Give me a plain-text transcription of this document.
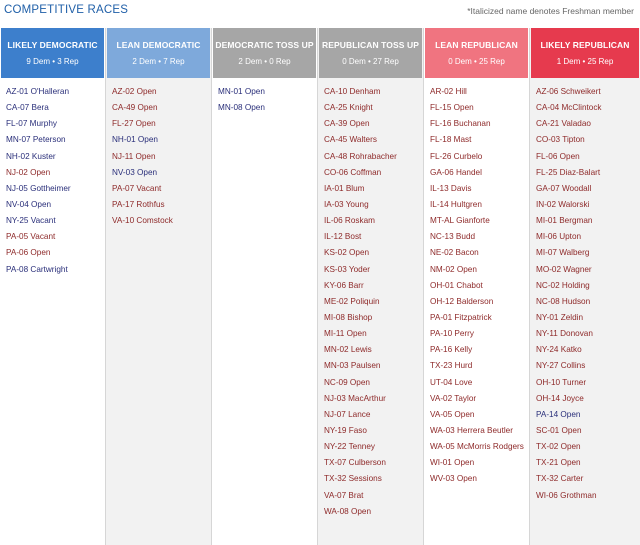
COMPETITIVE RACES	*Italicized name denotes Freshman member
LIKELY DEMOCRATIC
9 Dem • 3 Rep
AZ-01 O'Halleran
CA-07 Bera
FL-07 Murphy
MN-07 Peterson
NH-02 Kuster
NJ-02 Open
NJ-05 Gottheimer
NV-04 Open
NY-25 Vacant
PA-05 Vacant
PA-06 Open
PA-08 Cartwright
LEAN DEMOCRATIC
2 Dem • 7 Rep
AZ-02 Open
CA-49 Open
FL-27 Open
NH-01 Open
NJ-11 Open
NV-03 Open
PA-07 Vacant
PA-17 Rothfus
VA-10 Comstock
DEMOCRATIC TOSS UP
2 Dem • 0 Rep
MN-01 Open
MN-08 Open
REPUBLICAN TOSS UP
0 Dem • 27 Rep
CA-10 Denham
CA-25 Knight
CA-39 Open
CA-45 Walters
CA-48 Rohrabacher
CO-06 Coffman
IA-01 Blum
IA-03 Young
IL-06 Roskam
IL-12 Bost
KS-02 Open
KS-03 Yoder
KY-06 Barr
ME-02 Poliquin
MI-08 Bishop
MI-11 Open
MN-02 Lewis
MN-03 Paulsen
NC-09 Open
NJ-03 MacArthur
NJ-07 Lance
NY-19 Faso
NY-22 Tenney
TX-07 Culberson
TX-32 Sessions
VA-07 Brat
WA-08 Open
LEAN REPUBLICAN
0 Dem • 25 Rep
AR-02 Hill
FL-15 Open
FL-16 Buchanan
FL-18 Mast
FL-26 Curbelo
GA-06 Handel
IL-13 Davis
IL-14 Hultgren
MT-AL Gianforte
NC-13 Budd
NE-02 Bacon
NM-02 Open
OH-01 Chabot
OH-12 Balderson
PA-01 Fitzpatrick
PA-10 Perry
PA-16 Kelly
TX-23 Hurd
UT-04 Love
VA-02 Taylor
VA-05 Open
WA-03 Herrera Beutler
WA-05 McMorris Rodgers
WI-01 Open
WV-03 Open
LIKELY REPUBLICAN
1 Dem • 25 Rep
AZ-06 Schweikert
CA-04 McClintock
CA-21 Valadao
CO-03 Tipton
FL-06 Open
FL-25 Diaz-Balart
GA-07 Woodall
IN-02 Walorski
MI-01 Bergman
MI-06 Upton
MI-07 Walberg
MO-02 Wagner
NC-02 Holding
NC-08 Hudson
NY-01 Zeldin
NY-11 Donovan
NY-24 Katko
NY-27 Collins
OH-10 Turner
OH-14 Joyce
PA-14 Open
SC-01 Open
TX-02 Open
TX-21 Open
TX-32 Carter
WI-06 Grothman
